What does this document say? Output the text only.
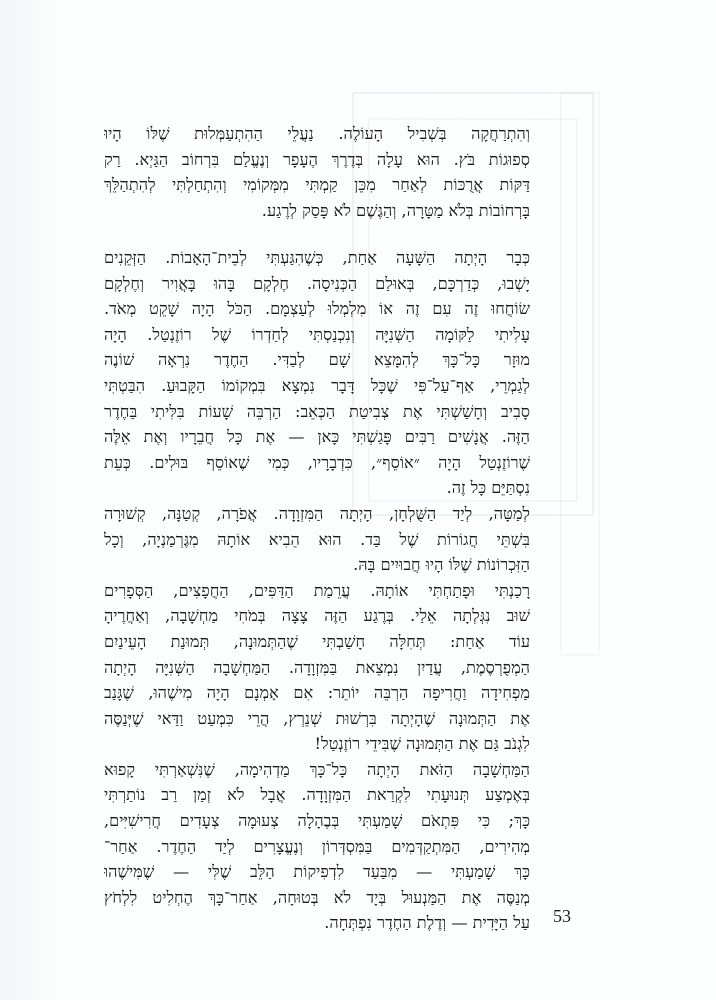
וְהִתְרַחֲקָה בְּשְׁבִיל הָעוֹלֶה. נַעֲלֵי הַהִתְעַמְּלוּת שֶׁלּוֹ הָיוּ
סְפוּגוֹת בֹּץ. הוּא עָלָה בְּדֶרֶךְ הֶעָפָר וְנֶעֱלַם בִּרְחוֹב הַגַּיְא. רַק
דַּקּוֹת אֲרֻכּוֹת לְאַחַר מִכֵּן קַמְתִּי מִמְּקוֹמִי וְהִתְחַלְתִּי לְהִתְהַלֵּךְ
בָּרְחוֹבוֹת בְּלֹא מַטָּרָה, וְהַגֶּשֶׁם לֹא פָּסַק לְרֶגַע.
כְּבָר הָיְתָה הַשָּׁעָה אַחַת, כְּשֶׁהִגַּעְתִּי לְבֵית־הָאָבוֹת. הַזְּקֵנִים
יָשְׁבוּ, כְּדַרְכָּם, בְּאוּלַם הַכְּנִיסָה. חֶלְקָם בָּהוּ בָּאֲוִיר וְחֶלְקָם
שׂוֹחֲחוּ זֶה עִם זֶה אוֹ מִלְמְלוּ לְעַצְמָם. הַכֹּל הָיָה שָׁקֵט מְאֹד.
עָלִיתִי לַקּוֹמָה הַשְּׁנִיָּה וְנִכְנַסְתִּי לְחַדְרוֹ שֶׁל רוֹזֶנְטַל. הָיָה
מוּזָר כָּל־כָּךְ לְהִמָּצֵא שָׁם לְבַדִּי. הַחֶדֶר נִרְאָה שׁוֹנֶה
לְגַמְרֵי, אַף־עַל־פִּי שֶׁכָּל דָּבָר נִמְצָא בִּמְקוֹמוֹ הַקָּבוּעַ. הִבַּטְתִּי
סָבִיב וְחָשַׁשְׁתִּי אֶת צְבִיטַת הַכְּאֵב: הַרְבֵּה שָׁעוֹת בִּלִּיתִי בַּחֶדֶר
הַזֶּה. אֲנָשִׁים רַבִּים פָּגַשְׁתִּי כָּאן — אֶת כָּל חֲבֵרָיו וְאֶת אֵלֶּה
שֶׁרוֹזֶנְטַל הָיָה ״אוֹסֵף״, כִּדְבָרָיו, כְּמִי שֶׁאוֹסֵף בּוּלִים. כְּעֵת
נִסְתַּיֵּם כָּל זֶה.
לְמַטָּה, לְיַד הַשֻּׁלְחָן, הָיְתָה הַמִּזְוָדָה. אֲפֹרָה, קְטַנָּה, קְשׁוּרָה
בִּשְׁתֵּי חֲגוֹרוֹת שֶׁל בַּד. הוּא הֵבִיא אוֹתָהּ מִגֶּרְמַנְיָה, וְכָל
הַזִּכְרוֹנוֹת שֶׁלּוֹ הָיוּ חֲבוּיִים בָּהּ.
רָכַנְתִּי וּפָתַחְתִּי אוֹתָהּ. עֲרֵמַת הַדַּפִּים, הַחֲפָצִים, הַסְּפָרִים
שׁוּב נִגְּלְתָה אֵלַי. בְּרֶגַע הַזֶּה צָצָה בְּמֹחִי מַחְשָׁבָה, וְאַחֲרֶיהָ
עוֹד אַחַת: תְּחִלָּה חָשַׁבְתִּי שֶׁהַתְּמוּנָה, תְּמוּנַת הָעֵינַיִם
הַמְפֻרְסֶמֶת, עֲדַיִן נִמְצֵאת בַּמִּזְוָדָה. הַמַּחְשָׁבָה הַשְּׁנִיָּה הָיְתָה
מַפְחִידָה וַחֲרִיפָה הַרְבֵּה יוֹתֵר: אִם אָמְנָם הָיָה מִישֶׁהוּ, שֶׁגָּנַב
אֶת הַתְּמוּנָה שֶׁהָיְתָה בִּרְשׁוּת שְׁנֵרְץ, הֲרֵי כִּמְעַט וַדַּאי שֶׁיְּנַסֶּה
לִגְנֹב גַּם אֶת הַתְּמוּנָה שֶׁבִּידֵי רוֹזֶנְטַל!
הַמַּחְשָׁבָה הַזֹּאת הָיְתָה כָּל־כָּךְ מַדְהִימָה, שֶׁנִּשְׁאַרְתִּי קָפוּא
בְּאֶמְצַע תְּנוּעָתִי לִקְרַאת הַמִּזְוָדָה. אֲבָל לֹא זְמַן רַב נוֹתַרְתִּי
כָּךְ; כִּי פִּתְאֹם שָׁמַעְתִּי בְּבֶהָלָה צְעוּמָה צְעָדִים חֲרִישִׁיִּים,
מְהִירִים, הַמִּתְקַדְּמִים בַּמִּסְדְּרוֹן וְנֶעֱצָרִים לְיַד הַחֶדֶר. אַחַר־
כָּךְ שָׁמַעְתִּי — מִבַּעַד לִדְפִיקוֹת הַלֵּב שֶׁלִּי — שֶׁמִּישֶׁהוּ
מְנַסֶּה אֶת הַמַּנְעוּל בְּיָד לֹא בְּטוּחָה, אַחַר־כָּךְ הֶחְלִיט לִלְחֹץ
עַל הַיָּדִית — וְדֶלֶת הַחֶדֶר נִפְתְּחָה. 53
